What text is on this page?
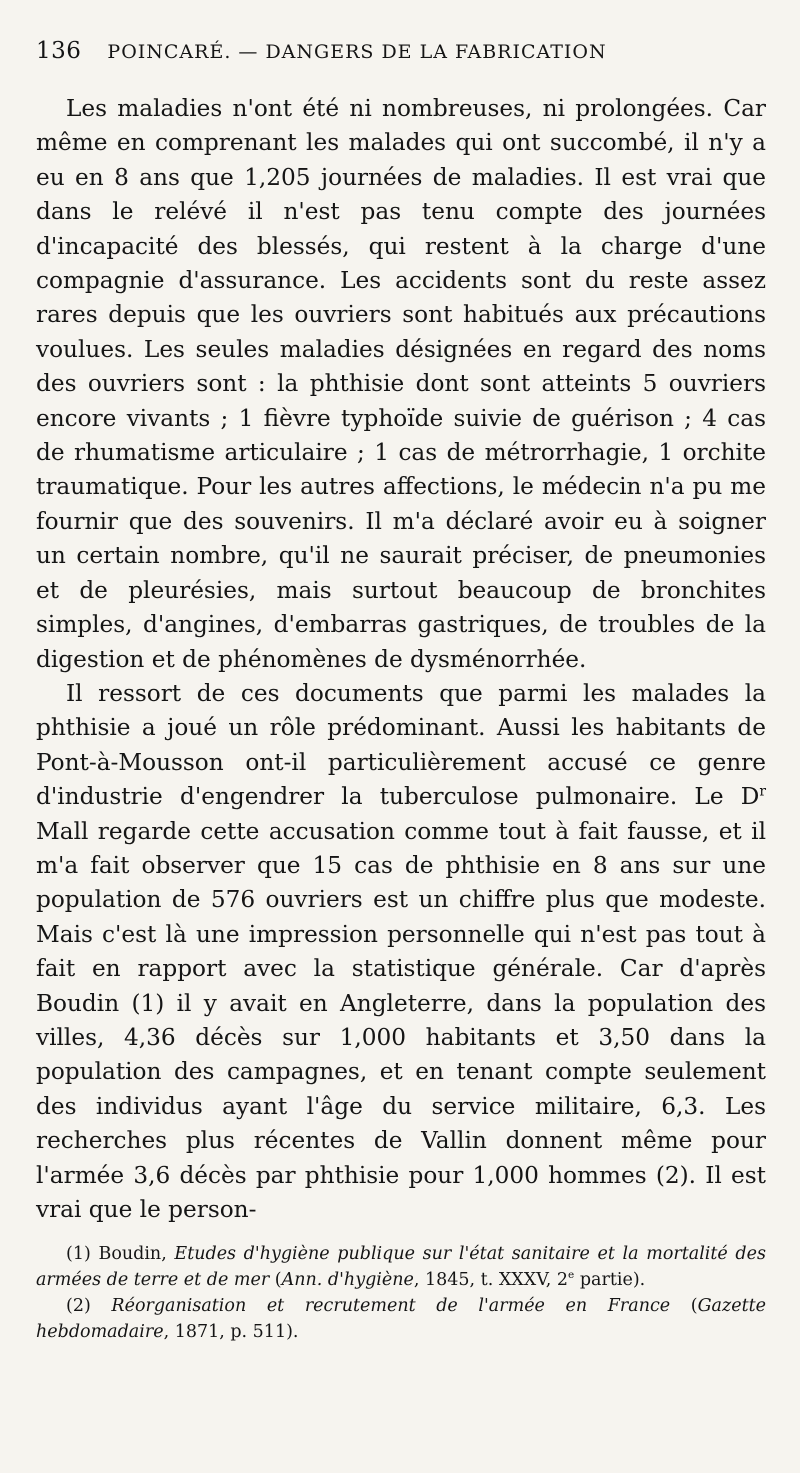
136 POINCARÉ. — DANGERS DE LA FABRICATION

Les maladies n'ont été ni nombreuses, ni prolongées. Car même en comprenant les malades qui ont succombé, il n'y a eu en 8 ans que 1,205 journées de maladies. Il est vrai que dans le relévé il n'est pas tenu compte des journées d'incapacité des blessés, qui restent à la charge d'une compagnie d'assurance. Les accidents sont du reste assez rares depuis que les ouvriers sont habitués aux précautions voulues. Les seules maladies désignées en regard des noms des ouvriers sont : la phthisie dont sont atteints 5 ouvriers encore vivants ; 1 fièvre typhoïde suivie de guérison ; 4 cas de rhumatisme articulaire ; 1 cas de métrorrhagie, 1 orchite traumatique. Pour les autres affections, le médecin n'a pu me fournir que des souvenirs. Il m'a déclaré avoir eu à soigner un certain nombre, qu'il ne saurait préciser, de pneumonies et de pleurésies, mais surtout beaucoup de bronchites simples, d'angines, d'embarras gastriques, de troubles de la digestion et de phénomènes de dysménorrhée.

Il ressort de ces documents que parmi les malades la phthisie a joué un rôle prédominant. Aussi les habitants de Pont-à-Mousson ont-il particulièrement accusé ce genre d'industrie d'engendrer la tuberculose pulmonaire. Le $D^r$ Mall regarde cette accusation comme tout à fait fausse, et il m'a fait observer que 15 cas de phthisie en 8 ans sur une population de 576 ouvriers est un chiffre plus que modeste. Mais c'est là une impression personnelle qui n'est pas tout à fait en rapport avec la statistique générale. Car d'après Boudin (1) il y avait en Angleterre, dans la population des villes, 4,36 décès sur 1,000 habitants et 3,50 dans la population des campagnes, et en tenant compte seulement des individus ayant l'âge du service militaire, 6,3. Les recherches plus récentes de Vallin donnent même pour l'armée 3,6 décès par phthisie pour 1,000 hommes (2). Il est vrai que le person-

(1) Boudin, Etudes d'hygiène publique sur l'état sanitaire et la mortalité des armées de terre et de mer (Ann. d'hygiène, 1845, t. XXXV, 2e partie).

(2) Réorganisation et recrutement de l'armée en France (Gazette hebdomadaire, 1871, p. 511).
